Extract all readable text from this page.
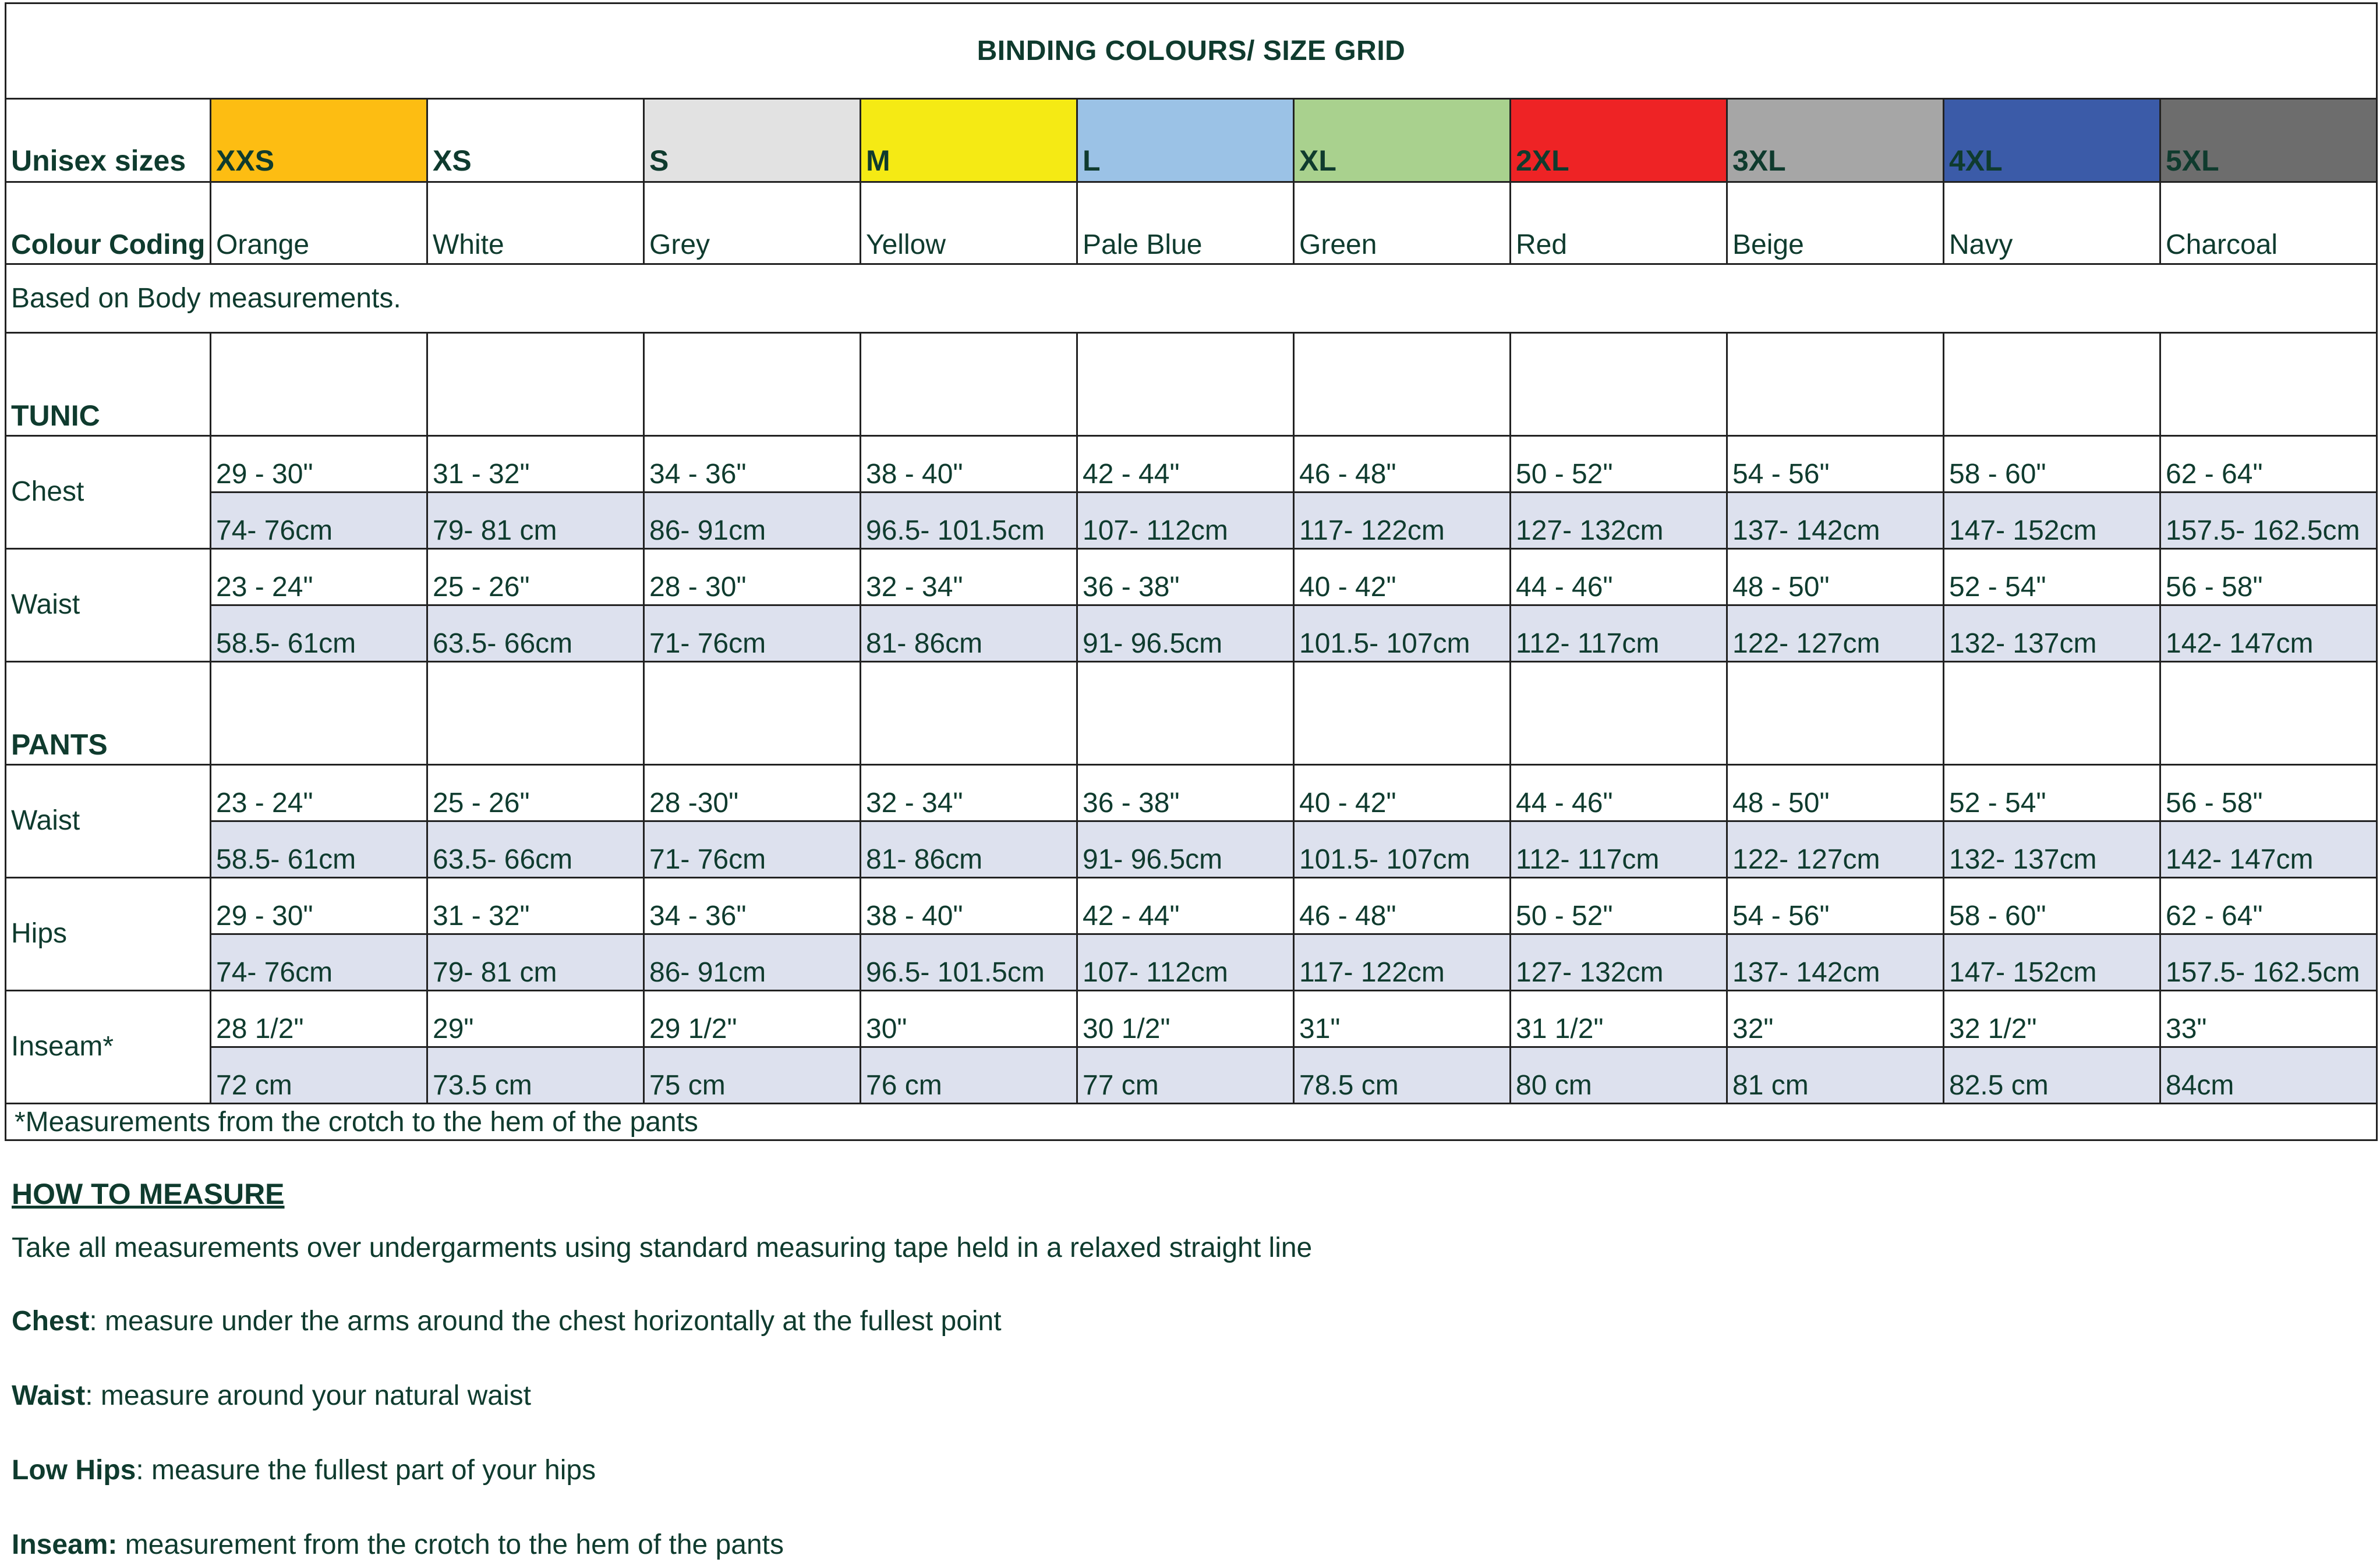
BINDING COLOURS/ SIZE GRID										
Unisex sizes	XXS	XS	S	M	L	XL	2XL	3XL	4XL	5XL
Colour Coding	Orange	White	Grey	Yellow	Pale Blue	Green	Red	Beige	Navy	Charcoal
Based on Body measurements.										
TUNIC										
Chest	29 - 30"	31 - 32"	34 - 36"	38 - 40"	42 - 44"	46 - 48"	50 - 52"	54 - 56"	58 - 60"	62 - 64"
	74- 76cm	79- 81 cm	86- 91cm	96.5- 101.5cm	107- 112cm	117- 122cm	127- 132cm	137- 142cm	147- 152cm	157.5- 162.5cm
Waist	23 - 24"	25 - 26"	28 - 30"	32 - 34"	36 - 38"	40 - 42"	44 - 46"	48 - 50"	52 - 54"	56 - 58"
	58.5- 61cm	63.5- 66cm	71- 76cm	81- 86cm	91- 96.5cm	101.5- 107cm	112- 117cm	122- 127cm	132- 137cm	142- 147cm
PANTS										
Waist	23 - 24"	25 - 26"	28 -30"	32 - 34"	36 - 38"	40 - 42"	44 - 46"	48 - 50"	52 - 54"	56 - 58"
	58.5- 61cm	63.5- 66cm	71- 76cm	81- 86cm	91- 96.5cm	101.5- 107cm	112- 117cm	122- 127cm	132- 137cm	142- 147cm
Hips	29 - 30"	31 - 32"	34 - 36"	38 - 40"	42 - 44"	46 - 48"	50 - 52"	54 - 56"	58 - 60"	62 - 64"
	74- 76cm	79- 81 cm	86- 91cm	96.5- 101.5cm	107- 112cm	117- 122cm	127- 132cm	137- 142cm	147- 152cm	157.5- 162.5cm
Inseam*	28 1/2"	29"	29 1/2"	30"	30 1/2"	31"	31 1/2"	32"	32 1/2"	33"
	72 cm	73.5 cm	75 cm	76 cm	77 cm	78.5 cm	80 cm	81 cm	82.5 cm	84cm
*Measurements from the crotch to the hem of the pants										
HOW TO MEASURE
Take all measurements over undergarments using standard measuring tape held in a relaxed straight line
Chest: measure under the arms around the chest horizontally at the fullest point
Waist: measure around your natural waist
Low Hips: measure the fullest part of your hips
Inseam: measurement from the crotch to the hem of the pants
